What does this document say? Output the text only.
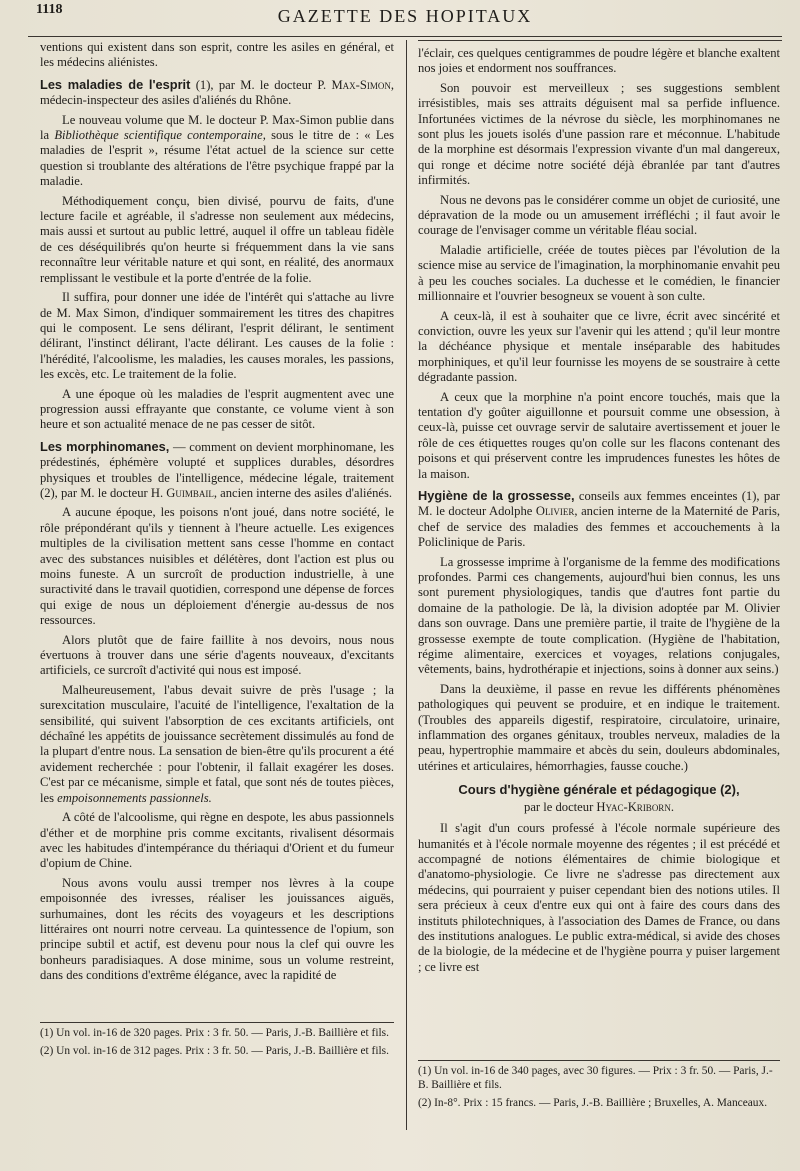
1118	GAZETTE DES HOPITAUX

ventions qui existent dans son esprit, contre les asiles en général, et les médecins aliénistes.

Les maladies de l'esprit (1), par M. le docteur P. Max-Simon, médecin-inspecteur des asiles d'aliénés du Rhône.

Le nouveau volume que M. le docteur P. Max-Simon publie dans la Bibliothèque scientifique contemporaine, sous le titre de : « Les maladies de l'esprit », résume l'état actuel de la science sur cette question si troublante des altérations de l'être psychique frappé par la maladie.

Méthodiquement conçu, bien divisé, pourvu de faits, d'une lecture facile et agréable, il s'adresse non seulement aux médecins, mais aussi et surtout au public lettré, auquel il offre un tableau fidèle de ces déséquilibrés qu'on heurte si fréquemment dans la vie sans reconnaître leur véritable nature et qui sont, en réalité, des anormaux remplissant le vestibule et la porte d'entrée de la folie.

Il suffira, pour donner une idée de l'intérêt qui s'attache au livre de M. Max Simon, d'indiquer sommairement les titres des chapitres qui le composent. Le sens délirant, l'esprit délirant, le sentiment délirant, l'instinct délirant, l'acte délirant. Les causes de la folie : l'hérédité, l'alcoolisme, les maladies, les causes morales, les passions, les excès, etc. Le traitement de la folie.

A une époque où les maladies de l'esprit augmentent avec une progression aussi effrayante que constante, ce volume vient à son heure et son actualité menace de ne pas cesser de sitôt.

Les morphinomanes, — comment on devient morphinomane, les prédestinés, éphémère volupté et supplices durables, désordres physiques et troubles de l'intelligence, médecine légale, traitement (2), par M. le docteur H. Guimbail, ancien interne des asiles d'aliénés.

A aucune époque, les poisons n'ont joué, dans notre société, le rôle prépondérant qu'ils y tiennent à l'heure actuelle. Les exigences multiples de la civilisation mettent sans cesse l'homme en contact avec des substances nuisibles et délétères, dont l'action est plus ou moins funeste. A un surcroît de production industrielle, à une suractivité dans le travail quotidien, correspond une dépense de forces qui exige de nous un déploiement d'énergie au-dessus de nos ressources.

Alors plutôt que de faire faillite à nos devoirs, nous nous évertuons à trouver dans une série d'agents nouveaux, d'excitants artificiels, ce surcroît d'activité qui nous est imposé.

Malheureusement, l'abus devait suivre de près l'usage ; la surexcitation musculaire, l'acuité de l'intelligence, l'exaltation de la sensibilité, qui suivent l'absorption de ces excitants artificiels, ont déchaîné les appétits de jouissance secrètement dissimulés au fond de la plupart d'entre nous. La sensation de bien-être qu'ils procurent a été avidement recherchée : pour l'obtenir, il fallait exagérer les doses. C'est par ce mécanisme, simple et fatal, que sont nés de toutes pièces, les empoisonnements passionnels.

A côté de l'alcoolisme, qui règne en despote, les abus passionnels d'éther et de morphine pris comme excitants, rivalisent désormais avec les habitudes d'intempérance du thériaqui d'Orient et du fumeur d'opium de Chine.

Nous avons voulu aussi tremper nos lèvres à la coupe empoisonnée des ivresses, réaliser les jouissances aiguës, surhumaines, dont les récits des voyageurs et les descriptions littéraires ont nourri notre cerveau. La quintessence de l'opium, son principe subtil et actif, est devenu pour nous la clef qui ouvre les bonheurs paradisiaques. A dose minime, sous un volume restreint, dans des conditions d'extrême élégance, avec la rapidité de

(1) Un vol. in-16 de 320 pages. Prix : 3 fr. 50. — Paris, J.-B. Baillière et fils.
(2) Un vol. in-16 de 312 pages. Prix : 3 fr. 50. — Paris, J.-B. Baillière et fils.

l'éclair, ces quelques centigrammes de poudre légère et blanche exaltent nos joies et endorment nos souffrances.

Son pouvoir est merveilleux ; ses suggestions semblent irrésistibles, mais ses attraits déguisent mal sa perfide influence. Infortunées victimes de la névrose du siècle, les morphinomanes ne sont plus les jouets isolés d'une passion rare et méconnue. L'habitude de la morphine est désormais l'expression vivante d'un mal dangereux, qui ronge et décime notre société déjà ébranlée par tant d'autres infirmités.

Nous ne devons pas le considérer comme un objet de curiosité, une dépravation de la mode ou un amusement irréfléchi ; il faut avoir le courage de l'envisager comme un véritable fléau social.

Maladie artificielle, créée de toutes pièces par l'évolution de la science mise au service de l'imagination, la morphinomanie envahit peu à peu les couches sociales. La duchesse et le comédien, le financier millionnaire et l'ouvrier besogneux se vouent à son culte.

A ceux-là, il est à souhaiter que ce livre, écrit avec sincérité et conviction, ouvre les yeux sur l'avenir qui les attend ; qu'il leur montre la déchéance physique et mentale inséparable des habitudes morphiniques, et qu'il leur fournisse les moyens de se soustraire à cette dégradante passion.

A ceux que la morphine n'a point encore touchés, mais que la tentation d'y goûter aiguillonne et poursuit comme une obsession, à ceux-là, puisse cet ouvrage servir de salutaire avertissement et jouer le rôle de ces étiquettes rouges qu'on colle sur les flacons contenant des poisons et qui préservent contre les imprudences funestes les hôtes de la maison.

Hygiène de la grossesse, conseils aux femmes enceintes (1), par M. le docteur Adolphe Olivier, ancien interne de la Maternité de Paris, chef de service des maladies des femmes et accouchements à la Policlinique de Paris.

La grossesse imprime à l'organisme de la femme des modifications profondes. Parmi ces changements, aujourd'hui bien connus, les uns sont purement physiologiques, tandis que d'autres font partie du domaine de la pathologie. De là, la division adoptée par M. Olivier dans son ouvrage. Dans une première partie, il traite de l'hygiène de la grossesse exempte de toute complication. (Hygiène de l'habitation, régime alimentaire, exercices et voyages, relations conjugales, vêtements, bains, hydrothérapie et injections, soins à donner aux seins.)

Dans la deuxième, il passe en revue les différents phénomènes pathologiques qui peuvent se produire, et en indique le traitement. (Troubles des appareils digestif, respiratoire, circulatoire, urinaire, inflammation des organes génitaux, troubles nerveux, maladies de la peau, hypertrophie mammaire et abcès du sein, douleurs abdominales, utérines et articulaires, hémorrhagies, fausse couche.)

Cours d'hygiène générale et pédagogique (2),
par le docteur Hyac-Kriborn.

Il s'agit d'un cours professé à l'école normale supérieure des humanités et à l'école normale moyenne des régentes ; il est précédé et accompagné de notions élémentaires de chimie biologique et d'anatomo-physiologie. Ce livre ne s'adresse pas directement aux médecins, qui pourraient y puiser cependant bien des notions utiles. Il sera précieux à ceux d'entre eux qui ont à faire des cours dans des instituts philotechniques, à l'association des Dames de France, ou dans des institutions analogues. Le public extra-médical, si avide des choses de la biologie, de la médecine et de l'hygiène pourra y puiser largement ; ce livre est

(1) Un vol. in-16 de 340 pages, avec 30 figures. — Prix : 3 fr. 50. — Paris, J.-B. Baillière et fils.
(2) In-8°. Prix : 15 francs. — Paris, J.-B. Baillière ; Bruxelles, A. Manceaux.
